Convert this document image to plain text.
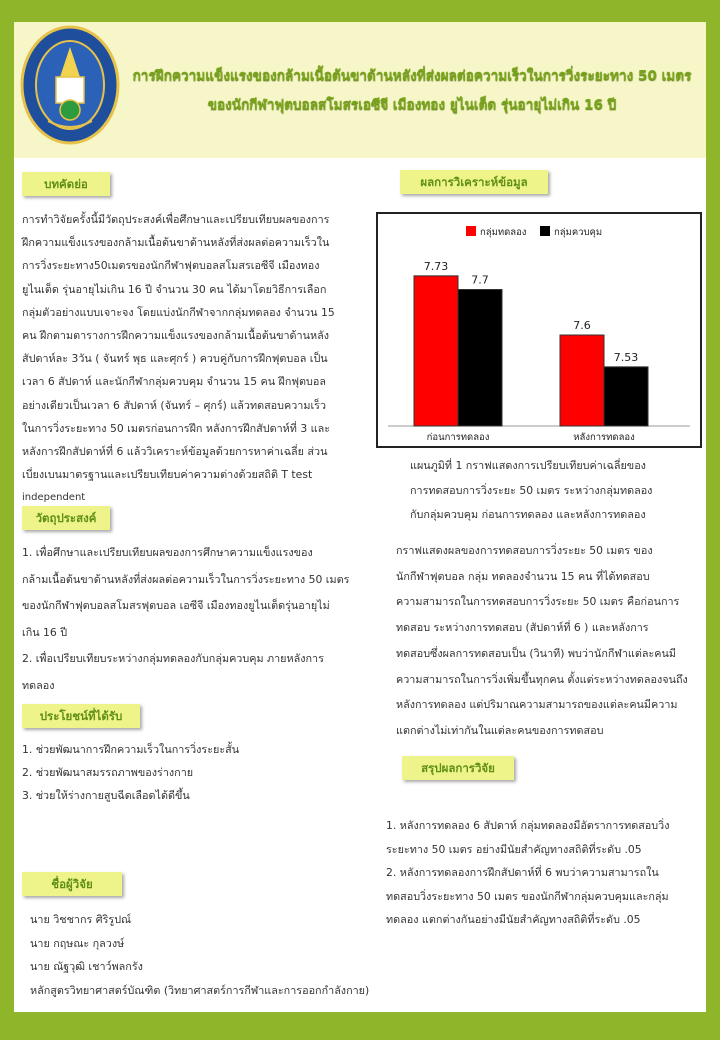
การฝึกความแข็งแรงของกล้ามเนื้อต้นขาด้านหลังที่ส่งผลต่อความเร็วในการวิ่งระยะทาง 50 เมตร
ของนักกีฬาฟุตบอลสโมสรเอซีจี เมืองทอง ยูไนเต็ด รุ่นอายุไม่เกิน 16 ปี
บทคัดย่อ	ผลการวิเคราะห์ข้อมูล
วัตถุประสงค์
ประโยชน์ที่ได้รับ
สรุปผลการวิจัย
ชื่อผู้วิจัย
การทำวิจัยครั้งนี้มีวัตถุประสงค์เพื่อศึกษาและเปรียบเทียบผลของการ
ฝึกความแข็งแรงของกล้ามเนื้อต้นขาด้านหลังที่ส่งผลต่อความเร็วใน
การวิ่งระยะทาง50เมตรของนักกีฬาฟุตบอลสโมสรเอซีจี เมืองทอง
ยูไนเต็ด รุ่นอายุไม่เกิน 16 ปี จำนวน 30 คน ได้มาโดยวิธีการเลือก
กลุ่มตัวอย่างแบบเจาะจง โดยแบ่งนักกีฬาจากกลุ่มทดลอง จำนวน 15
คน ฝึกตามตารางการฝึกความแข็งแรงของกล้ามเนื้อต้นขาด้านหลัง
สัปดาห์ละ 3วัน ( จันทร์ พุธ และศุกร์ ) ควบคู่กับการฝึกฟุตบอล เป็น
เวลา 6 สัปดาห์ และนักกีฬากลุ่มควบคุม จำนวน 15 คน ฝึกฟุตบอล
อย่างเดียวเป็นเวลา 6 สัปดาห์ (จันทร์ – ศุกร์) แล้วทดสอบความเร็ว
ในการวิ่งระยะทาง 50 เมตรก่อนการฝึก หลังการฝึกสัปดาห์ที่ 3 และ
หลังการฝึกสัปดาห์ที่ 6 แล้ววิเคราะห์ข้อมูลด้วยการหาค่าเฉลี่ย ส่วน
เบี่ยงเบนมาตรฐานและเปรียบเทียบค่าความต่างด้วยสถิติ T test
independent
1. เพื่อศึกษาและเปรียบเทียบผลของการศึกษาความแข็งแรงของ
กล้ามเนื้อต้นขาด้านหลังที่ส่งผลต่อความเร็วในการวิ่งระยะทาง 50 เมตร
ของนักกีฬาฟุตบอลสโมสรฟุตบอล เอซีจี เมืองทองยูไนเต็ดรุ่นอายุไม่
เกิน 16 ปี
2. เพื่อเปรียบเทียบระหว่างกลุ่มทดลองกับกลุ่มควบคุม ภายหลังการ
ทดลอง
1. ช่วยพัฒนาการฝึกความเร็วในการวิ่งระยะสั้น
2. ช่วยพัฒนาสมรรถภาพของร่างกาย
3. ช่วยให้ร่างกายสูบฉีดเลือดได้ดีขึ้น
นาย วิชชากร ศิริรูปณ์
นาย กฤษณะ กุลวงษ์
นาย ณัฐวุฒิ เชาว์พลกรัง
หลักสูตรวิทยาศาสตร์บัณฑิต (วิทยาศาสตร์การกีฬาและการออกกำลังกาย)
7.73
7.7
ก่อนการทดลอง
7.6
7.53
หลังการทดลอง
กลุ่มทดลอง	กลุ่มควบคุม
แผนภูมิที่ 1 กราฟแสดงการเปรียบเทียบค่าเฉลี่ยของ
การทดสอบการวิ่งระยะ 50 เมตร ระหว่างกลุ่มทดลอง
กับกลุ่มควบคุม ก่อนการทดลอง และหลังการทดลอง
กราฟแสดงผลของการทดสอบการวิ่งระยะ 50 เมตร ของ
นักกีฬาฟุตบอล กลุ่ม ทดลองจำนวน 15 คน ที่ได้ทดสอบ
ความสามารถในการทดสอบการวิ่งระยะ 50 เมตร คือก่อนการ
ทดสอบ ระหว่างการทดสอบ (สัปดาห์ที่ 6 ) และหลังการ
ทดสอบซึ่งผลการทดสอบเป็น (วินาที) พบว่านักกีฬาแต่ละคนมี
ความสามารถในการวิ่งเพิ่มขึ้นทุกคน ตั้งแต่ระหว่างทดลองจนถึง
หลังการทดลอง แต่ปริมาณความสามารถของแต่ละคนมีความ
แตกต่างไม่เท่ากันในแต่ละคนของการทดสอบ
1. หลังการทดลอง 6 สัปดาห์ กลุ่มทดลองมีอัตราการทดสอบวิ่ง
ระยะทาง 50 เมตร อย่างมีนัยสำคัญทางสถิติที่ระดับ .05
2. หลังการทดลองการฝึกสัปดาห์ที่ 6 พบว่าความสามารถใน
ทดสอบวิ่งระยะทาง 50 เมตร ของนักกีฬากลุ่มควบคุมและกลุ่ม
ทดลอง แตกต่างกันอย่างมีนัยสำคัญทางสถิติที่ระดับ .05
